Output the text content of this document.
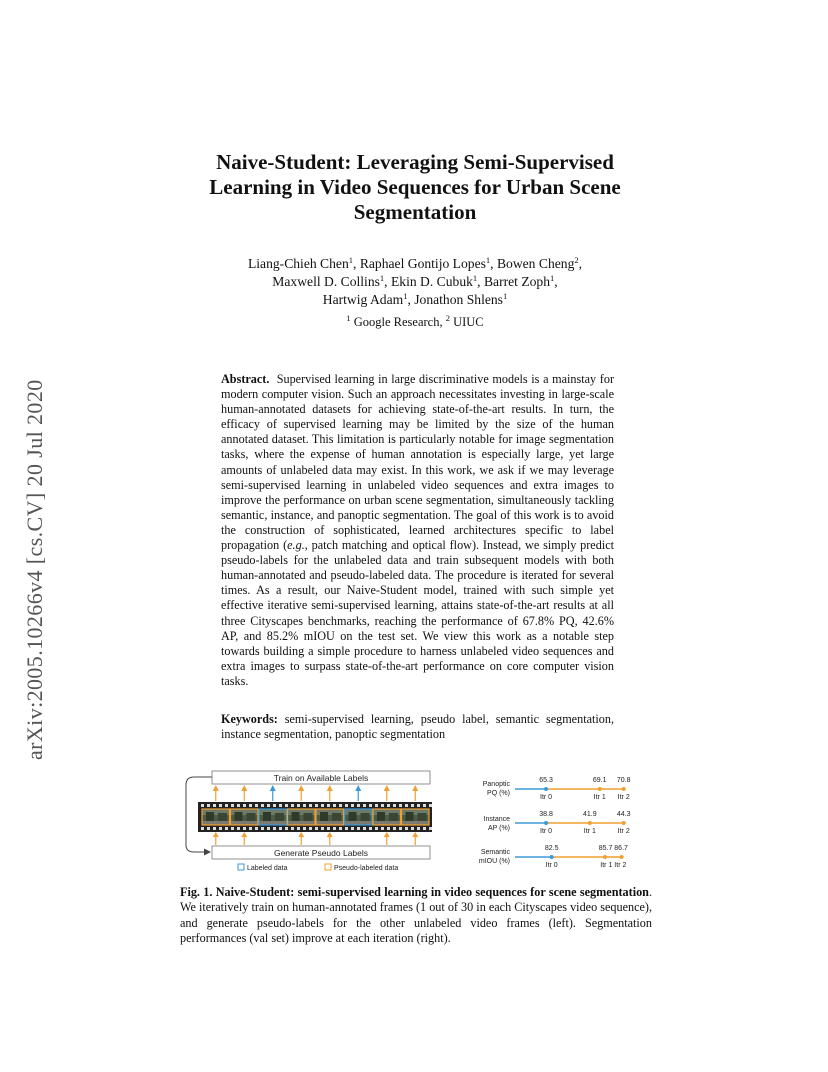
arXiv:2005.10266v4 [cs.CV] 20 Jul 2020
Naive-Student: Leveraging Semi-Supervised
Learning in Video Sequences for Urban Scene
Segmentation
Liang-Chieh Chen$^1$, Raphael Gontijo Lopes$^1$, Bowen Cheng$^2$,
Maxwell D. Collins$^1$, Ekin D. Cubuk$^1$, Barret Zoph$^1$,
Hartwig Adam$^1$, Jonathon Shlens$^1$
$^1$ Google Research, $^2$ UIUC
Abstract. Supervised learning in large discriminative models is a mainstay for modern computer vision. Such an approach necessitates investing in large-scale human-annotated datasets for achieving state-of-the-art results. In turn, the efficacy of supervised learning may be limited by the size of the human annotated dataset. This limitation is particularly notable for image segmentation tasks, where the expense of human annotation is especially large, yet large amounts of unlabeled data may exist. In this work, we ask if we may leverage semi-supervised learning in unlabeled video sequences and extra images to improve the performance on urban scene segmentation, simultaneously tackling semantic, instance, and panoptic segmentation. The goal of this work is to avoid the construction of sophisticated, learned architectures specific to label propagation (e.g., patch matching and optical flow). Instead, we simply predict pseudo-labels for the unlabeled data and train subsequent models with both human-annotated and pseudo-labeled data. The procedure is iterated for several times. As a result, our Naive-Student model, trained with such simple yet effective iterative semi-supervised learning, attains state-of-the-art results at all three Cityscapes benchmarks, reaching the performance of 67.8% PQ, 42.6% AP, and 85.2% mIOU on the test set. We view this work as a notable step towards building a simple procedure to harness unlabeled video sequences and extra images to surpass state-of-the-art performance on core computer vision tasks.
Keywords: semi-supervised learning, pseudo label, semantic segmentation, instance segmentation, panoptic segmentation
Train on Available Labels
Generate Pseudo Labels
Labeled data	Pseudo-labeled data
Panoptic
PQ (%)
Instance
AP (%)
Semantic
mIOU (%)
65.3	69.1 70.8
Itr 0	Itr 1 Itr 2
38.8	41.9	44.3
Itr 0	Itr 1	Itr 2
82.5	85.7 86.7
Itr 0	Itr 1 Itr 2
Fig. 1. Naive-Student: semi-supervised learning in video sequences for scene segmentation. We iteratively train on human-annotated frames (1 out of 30 in each Cityscapes video sequence), and generate pseudo-labels for the other unlabeled video frames (left). Segmentation performances (val set) improve at each iteration (right).
